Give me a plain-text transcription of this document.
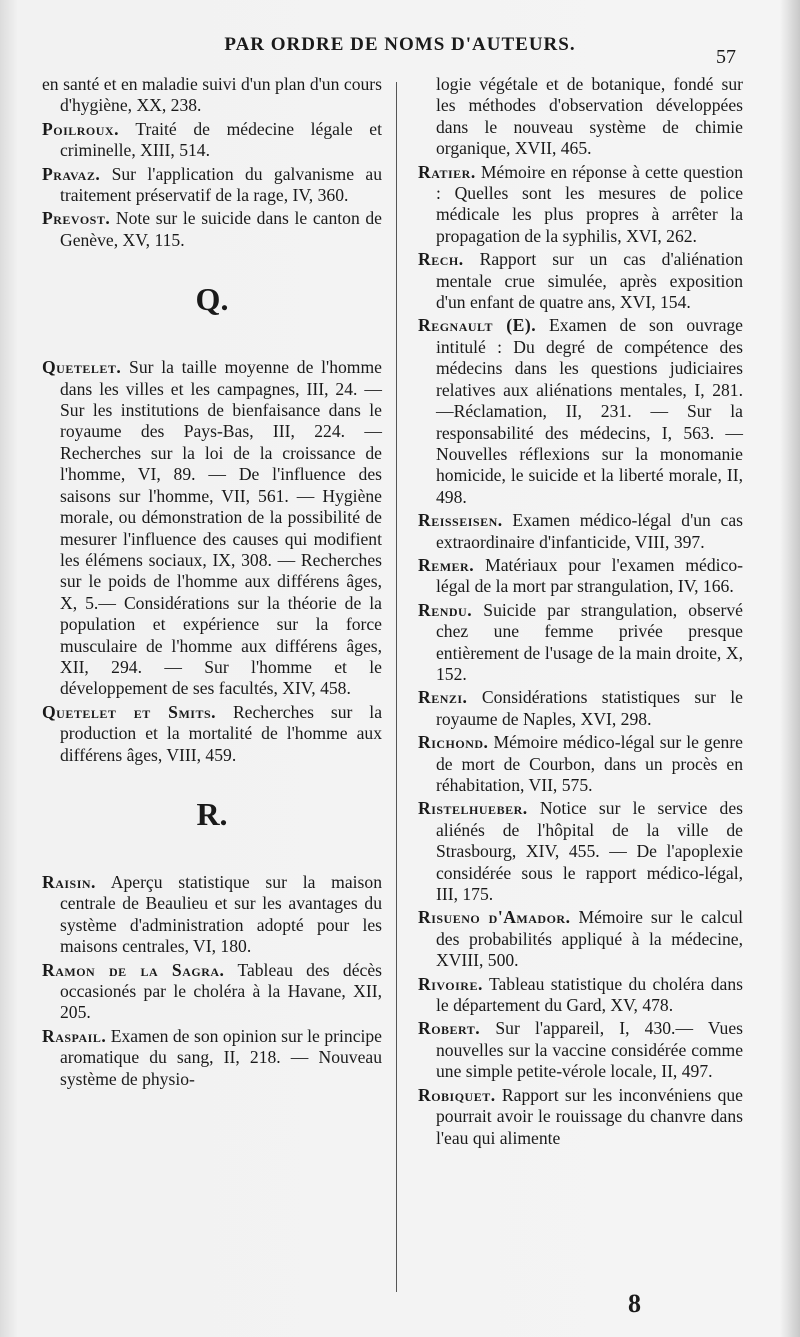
PAR ORDRE DE NOMS D'AUTEURS.
57

en santé et en maladie suivi d'un plan d'un cours d'hygiène, XX, 238.

Poilroux. Traité de médecine légale et criminelle, XIII, 514.

Pravaz. Sur l'application du galvanisme au traitement préservatif de la rage, IV, 360.

Prevost. Note sur le suicide dans le canton de Genève, XV, 115.

Q.

Quetelet. Sur la taille moyenne de l'homme dans les villes et les campagnes, III, 24. — Sur les institutions de bienfaisance dans le royaume des Pays-Bas, III, 224. — Recherches sur la loi de la croissance de l'homme, VI, 89. — De l'influence des saisons sur l'homme, VII, 561. — Hygiène morale, ou démonstration de la possibilité de mesurer l'influence des causes qui modifient les élémens sociaux, IX, 308. — Recherches sur le poids de l'homme aux différens âges, X, 5.— Considérations sur la théorie de la population et expérience sur la force musculaire de l'homme aux différens âges, XII, 294. — Sur l'homme et le développement de ses facultés, XIV, 458.

Quetelet et Smits. Recherches sur la production et la mortalité de l'homme aux différens âges, VIII, 459.

R.

Raisin. Aperçu statistique sur la maison centrale de Beaulieu et sur les avantages du système d'administration adopté pour les maisons centrales, VI, 180.

Ramon de la Sagra. Tableau des décès occasionés par le choléra à la Havane, XII, 205.

Raspail. Examen de son opinion sur le principe aromatique du sang, II, 218. — Nouveau système de physio-

logie végétale et de botanique, fondé sur les méthodes d'observation développées dans le nouveau système de chimie organique, XVII, 465.

Ratier. Mémoire en réponse à cette question : Quelles sont les mesures de police médicale les plus propres à arrêter la propagation de la syphilis, XVI, 262.

Rech. Rapport sur un cas d'aliénation mentale crue simulée, après exposition d'un enfant de quatre ans, XVI, 154.

Regnault (E). Examen de son ouvrage intitulé : Du degré de compétence des médecins dans les questions judiciaires relatives aux aliénations mentales, I, 281. —Réclamation, II, 231. — Sur la responsabilité des médecins, I, 563. — Nouvelles réflexions sur la monomanie homicide, le suicide et la liberté morale, II, 498.

Reisseisen. Examen médico-légal d'un cas extraordinaire d'infanticide, VIII, 397.

Remer. Matériaux pour l'examen médico-légal de la mort par strangulation, IV, 166.

Rendu. Suicide par strangulation, observé chez une femme privée presque entièrement de l'usage de la main droite, X, 152.

Renzi. Considérations statistiques sur le royaume de Naples, XVI, 298.

Richond. Mémoire médico-légal sur le genre de mort de Courbon, dans un procès en réhabitation, VII, 575.

Ristelhueber. Notice sur le service des aliénés de l'hôpital de la ville de Strasbourg, XIV, 455. — De l'apoplexie considérée sous le rapport médico-légal, III, 175.

Risueno d'Amador. Mémoire sur le calcul des probabilités appliqué à la médecine, XVIII, 500.

Rivoire. Tableau statistique du choléra dans le département du Gard, XV, 478.

Robert. Sur l'appareil, I, 430.— Vues nouvelles sur la vaccine considérée comme une simple petite-vérole locale, II, 497.

Robiquet. Rapport sur les inconvéniens que pourrait avoir le rouissage du chanvre dans l'eau qui alimente

8
